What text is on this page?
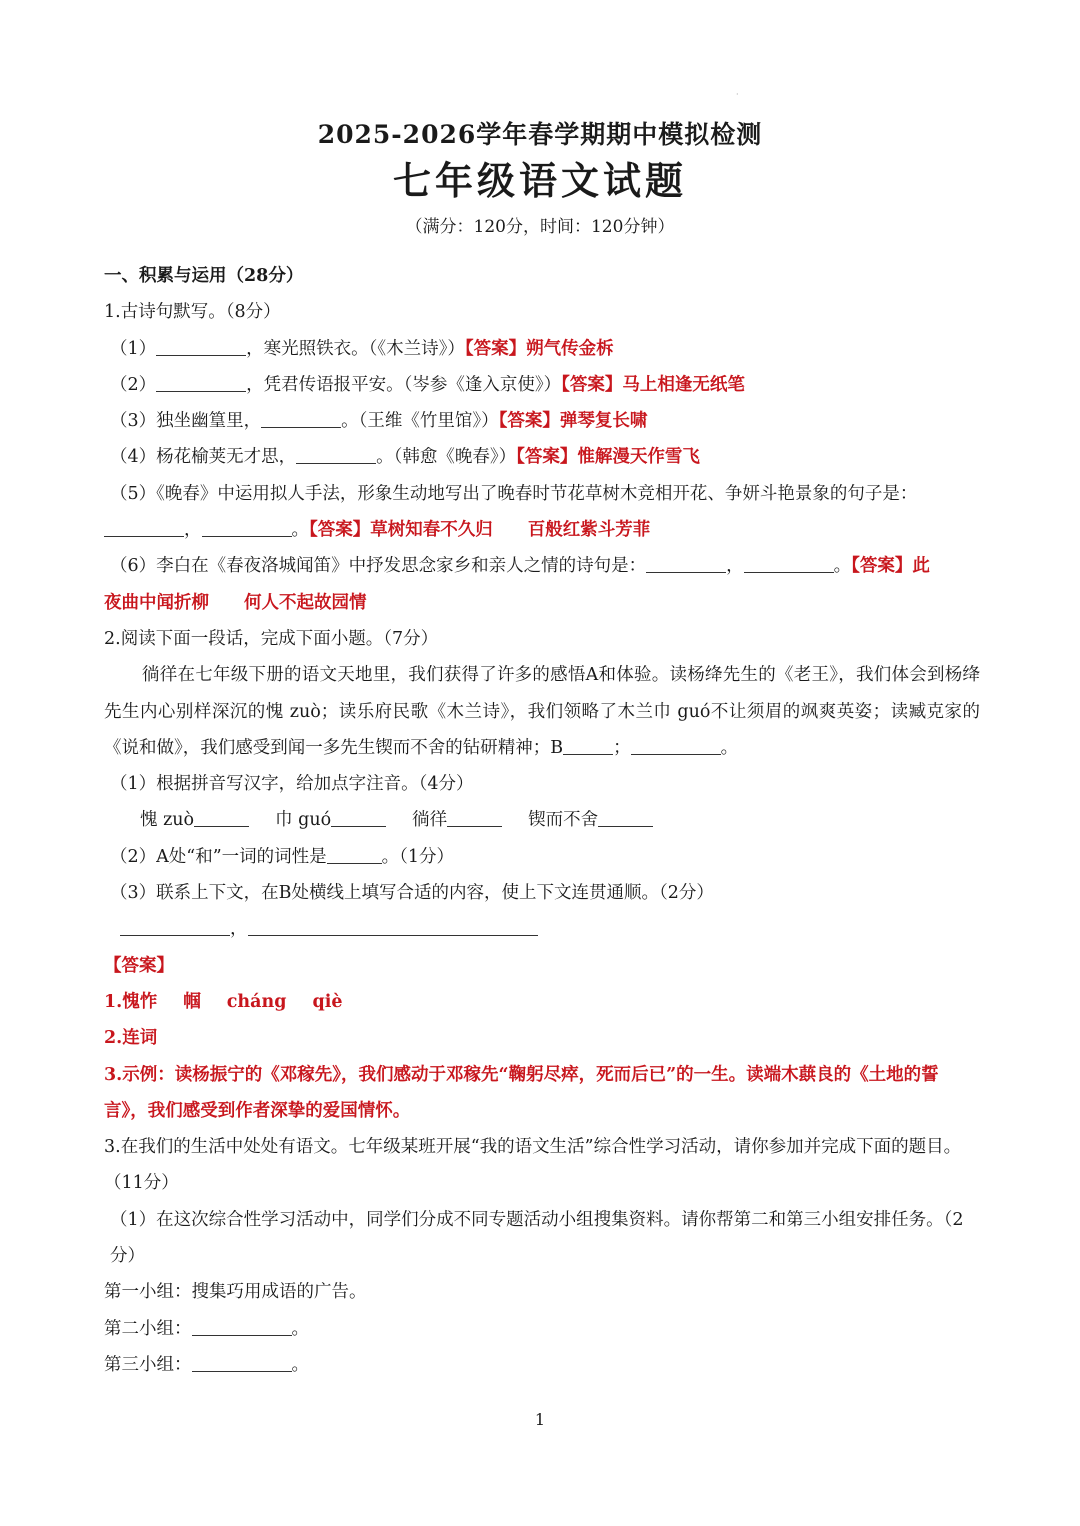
·
2025-2026学年春学期期中模拟检测
七年级语文试题
（满分：120分，时间：120分钟）
一、积累与运用（28分）
1.古诗句默写。（8分）
（1）	，寒光照铁衣。（《木兰诗》）【答案】朔气传金柝
（2）	，凭君传语报平安。（岑参《逢入京使》）【答案】马上相逢无纸笔
（3）独坐幽篁里，	。（王维《竹里馆》）【答案】弹琴复长啸
（4）杨花榆荚无才思，	。（韩愈《晚春》）【答案】惟解漫天作雪飞
（5）《晚春》中运用拟人手法，形象生动地写出了晚春时节花草树木竞相开花、争妍斗艳景象的句子是：
，	。【答案】草树知春不久归　　百般红紫斗芳菲
（6）李白在《春夜洛城闻笛》中抒发思念家乡和亲人之情的诗句是：	，	。【答案】此
夜曲中闻折柳　　何人不起故园情
2.阅读下面一段话，完成下面小题。（7分）
徜徉在七年级下册的语文天地里，我们获得了许多的感悟A和体验。读杨绛先生的《老王》，我们体会到杨绛先生内心别样深沉的愧 zuò；读乐府民歌《木兰诗》，我们领略了木兰巾 guó不让须眉的飒爽英姿；读臧克家的《说和做》，我们感受到闻一多先生锲而不舍的钻研精神；B	；	。
（1）根据拼音写汉字，给加点字注音。（4分）
愧 zuò	巾 guó	徜徉	锲而不舍
（2）A处“和”一词的词性是	。（1分）
（3）联系上下文，在B处横线上填写合适的内容，使上下文连贯通顺。（2分）
，
【答案】
1.愧怍 帼 cháng qiè
2.连词
3.示例：读杨振宁的《邓稼先》，我们感动于邓稼先“鞠躬尽瘁，死而后已”的一生。读端木蕻良的《土地的誓言》，我们感受到作者深挚的爱国情怀。
3.在我们的生活中处处有语文。七年级某班开展“我的语文生活”综合性学习活动，请你参加并完成下面的题目。（11分）
（1）在这次综合性学习活动中，同学们分成不同专题活动小组搜集资料。请你帮第二和第三小组安排任务。（2分）
第一小组：搜集巧用成语的广告。
第二小组：	。
第三小组：	。
1
